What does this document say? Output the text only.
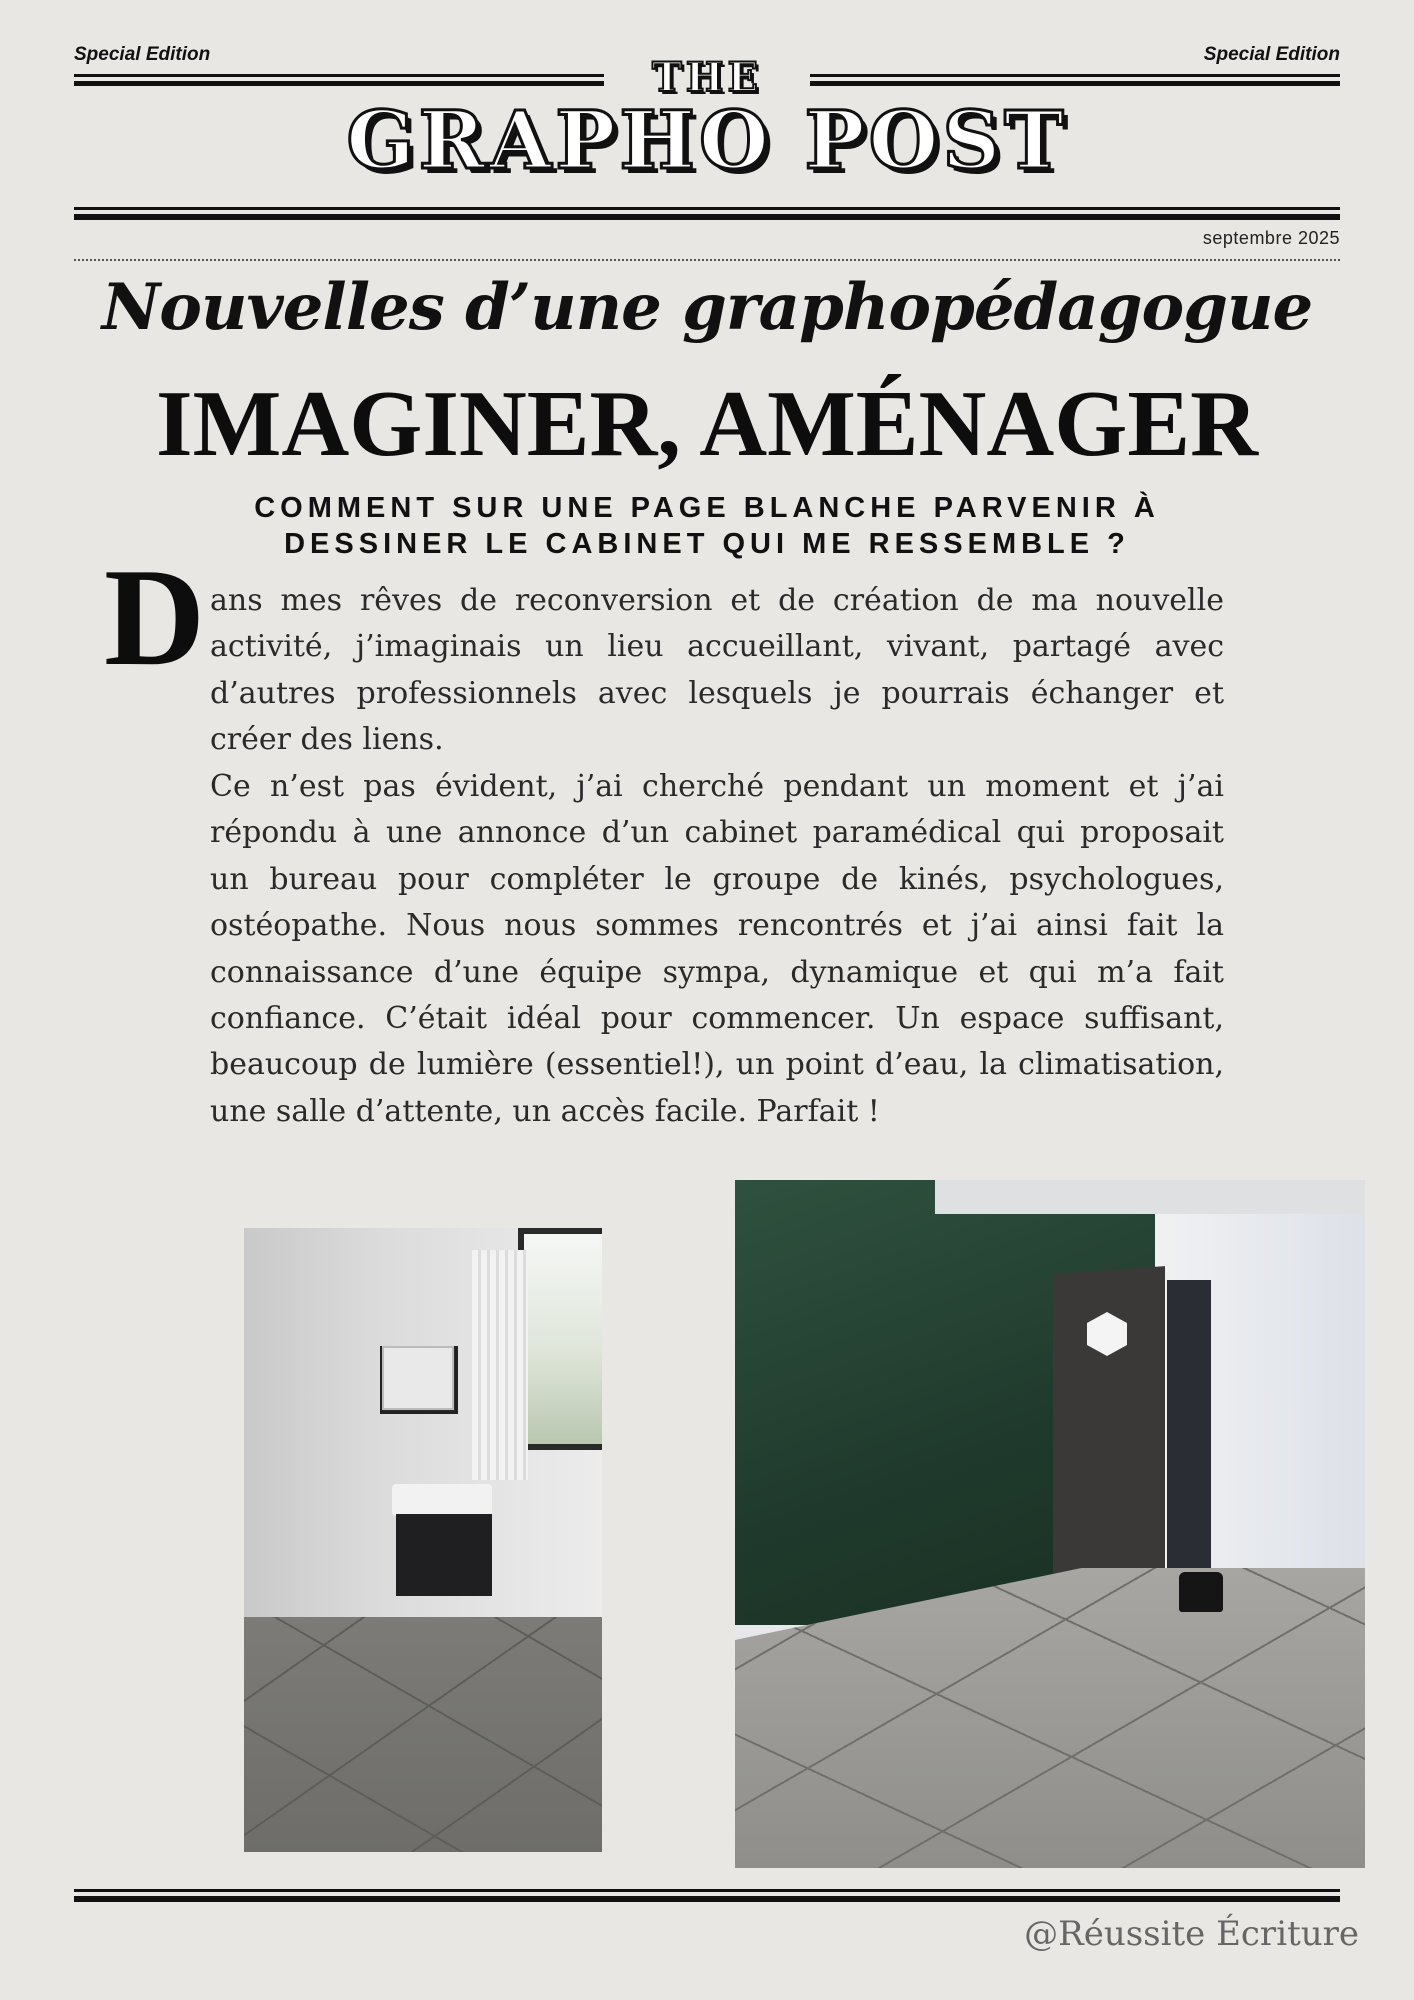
Special Edition	Special Edition
THE
GRAPHO POST
septembre 2025
Nouvelles d’une graphopédagogue
IMAGINER, AMÉNAGER
COMMENT SUR UNE PAGE BLANCHE PARVENIR À DESSINER LE CABINET QUI ME RESSEMBLE ?
D ans mes rêves de reconversion et de création de ma nouvelle activité, j’imaginais un lieu accueillant, vivant, partagé avec d’autres professionnels avec lesquels je pourrais échanger et créer des liens.

Ce n’est pas évident, j’ai cherché pendant un moment et j’ai répondu à une annonce d’un cabinet paramédical qui proposait un bureau pour compléter le groupe de kinés, psychologues, ostéopathe. Nous nous sommes rencontrés et j’ai ainsi fait la connaissance d’une équipe sympa, dynamique et qui m’a fait confiance. C’était idéal pour commencer. Un espace suffisant, beaucoup de lumière (essentiel!), un point d’eau, la climatisation, une salle d’attente, un accès facile. Parfait !

@Réussite Écriture
